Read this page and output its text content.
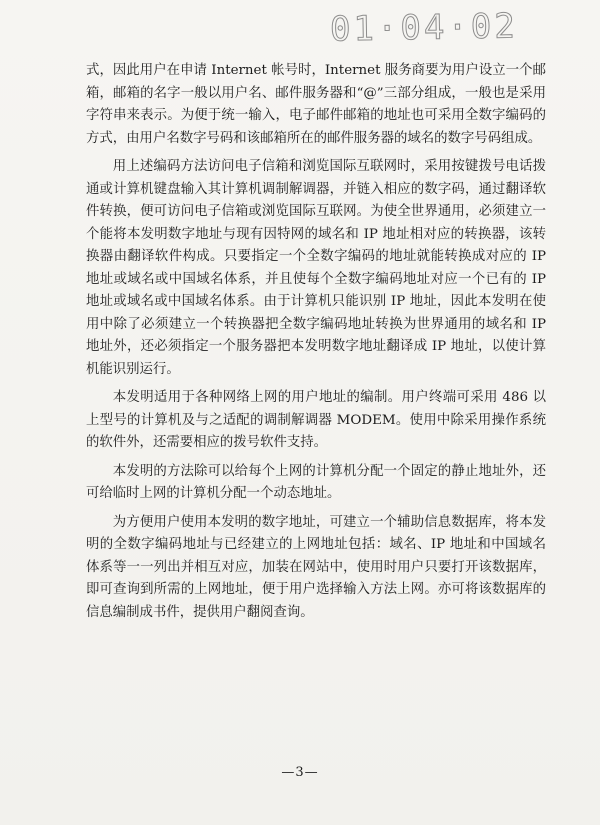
01·04·02

式，因此用户在申请 Internet 帐号时，Internet 服务商要为用户设立一个邮箱，邮箱的名字一般以用户名、邮件服务器和“@”三部分组成，一般也是采用字符串来表示。为便于统一输入，电子邮件邮箱的地址也可采用全数字编码的方式，由用户名数字号码和该邮箱所在的邮件服务器的域名的数字号码组成。

用上述编码方法访问电子信箱和浏览国际互联网时，采用按键拨号电话拨通或计算机键盘输入其计算机调制解调器，并链入相应的数字码，通过翻译软件转换，便可访问电子信箱或浏览国际互联网。为使全世界通用，必须建立一个能将本发明数字地址与现有因特网的域名和 IP 地址相对应的转换器，该转换器由翻译软件构成。只要指定一个全数字编码的地址就能转换成对应的 IP 地址或域名或中国域名体系，并且使每个全数字编码地址对应一个已有的 IP 地址或域名或中国域名体系。由于计算机只能识别 IP 地址，因此本发明在使用中除了必须建立一个转换器把全数字编码地址转换为世界通用的域名和 IP 地址外，还必须指定一个服务器把本发明数字地址翻译成 IP 地址，以使计算机能识别运行。

本发明适用于各种网络上网的用户地址的编制。用户终端可采用 486 以上型号的计算机及与之适配的调制解调器 MODEM。使用中除采用操作系统的软件外，还需要相应的拨号软件支持。

本发明的方法除可以给每个上网的计算机分配一个固定的静止地址外，还可给临时上网的计算机分配一个动态地址。

为方便用户使用本发明的数字地址，可建立一个辅助信息数据库，将本发明的全数字编码地址与已经建立的上网地址包括：域名、IP 地址和中国域名体系等一一列出并相互对应，加装在网站中，使用时用户只要打开该数据库，即可查询到所需的上网地址，便于用户选择输入方法上网。亦可将该数据库的信息编制成书件，提供用户翻阅查询。

—3—
